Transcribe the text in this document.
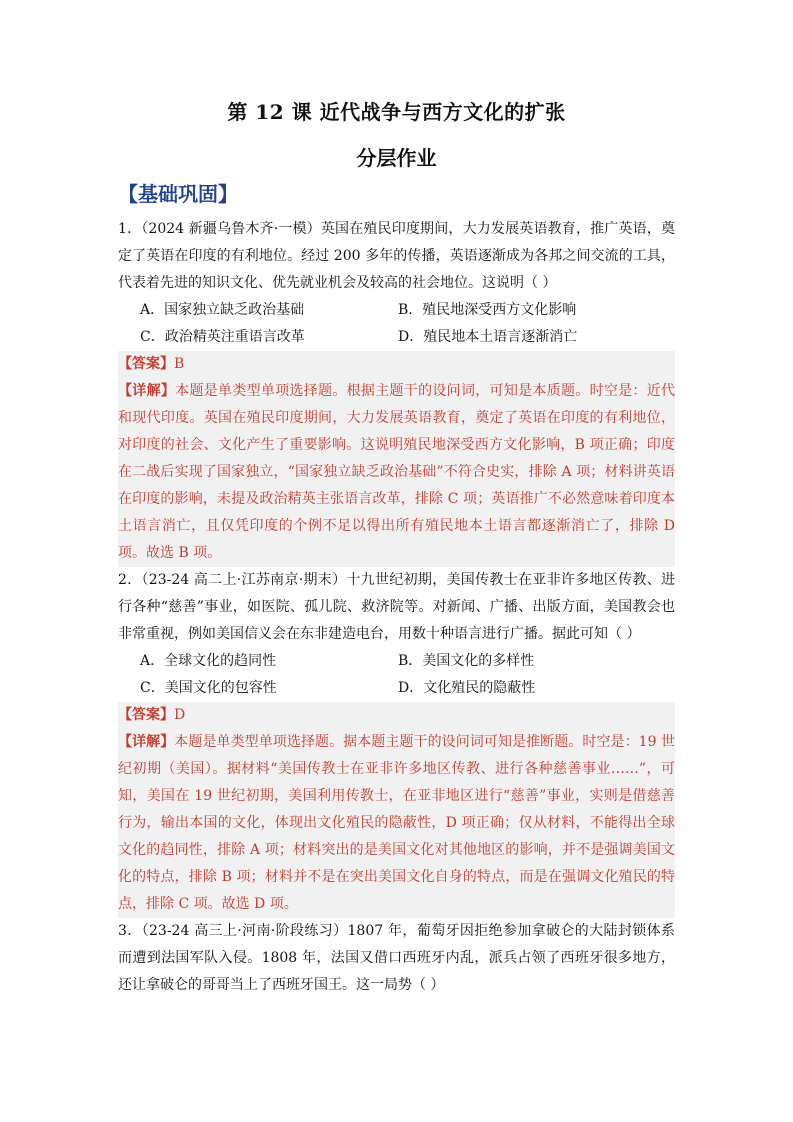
第 12 课 近代战争与西方文化的扩张
分层作业
【基础巩固】

1．（2024 新疆乌鲁木齐·一模）英国在殖民印度期间，大力发展英语教育，推广英语，奠定了英语在印度的有利地位。经过 200 多年的传播，英语逐渐成为各邦之间交流的工具，代表着先进的知识文化、优先就业机会及较高的社会地位。这说明（ ）

A．国家独立缺乏政治基础	B．殖民地深受西方文化影响
C．政治精英注重语言改革	D．殖民地本土语言逐渐消亡

【答案】B

【详解】本题是单类型单项选择题。根据主题干的设问词，可知是本质题。时空是：近代和现代印度。英国在殖民印度期间，大力发展英语教育，奠定了英语在印度的有利地位，对印度的社会、文化产生了重要影响。这说明殖民地深受西方文化影响，B 项正确；印度在二战后实现了国家独立，“国家独立缺乏政治基础”不符合史实，排除 A 项；材料讲英语在印度的影响，未提及政治精英主张语言改革，排除 C 项；英语推广不必然意味着印度本土语言消亡，且仅凭印度的个例不足以得出所有殖民地本土语言都逐渐消亡了，排除 D 项。故选 B 项。

2．（23-24 高二上·江苏南京·期末）十九世纪初期，美国传教士在亚非许多地区传教、进行各种“慈善”事业，如医院、孤儿院、救济院等。对新闻、广播、出版方面，美国教会也非常重视，例如美国信义会在东非建造电台，用数十种语言进行广播。据此可知（ ）

A．全球文化的趋同性	B．美国文化的多样性
C．美国文化的包容性	D．文化殖民的隐蔽性

【答案】D

【详解】本题是单类型单项选择题。据本题主题干的设问词可知是推断题。时空是：19 世纪初期（美国）。据材料“美国传教士在亚非许多地区传教、进行各种慈善事业……”，可知，美国在 19 世纪初期，美国利用传教士，在亚非地区进行“慈善”事业，实则是借慈善行为，输出本国的文化，体现出文化殖民的隐蔽性，D 项正确；仅从材料，不能得出全球文化的趋同性，排除 A 项；材料突出的是美国文化对其他地区的影响，并不是强调美国文化的特点，排除 B 项；材料并不是在突出美国文化自身的特点，而是在强调文化殖民的特点，排除 C 项。故选 D 项。

3．（23-24 高三上·河南·阶段练习）1807 年，葡萄牙因拒绝参加拿破仑的大陆封锁体系而遭到法国军队入侵。1808 年，法国又借口西班牙内乱，派兵占领了西班牙很多地方，还让拿破仑的哥哥当上了西班牙国王。这一局势（ ）
